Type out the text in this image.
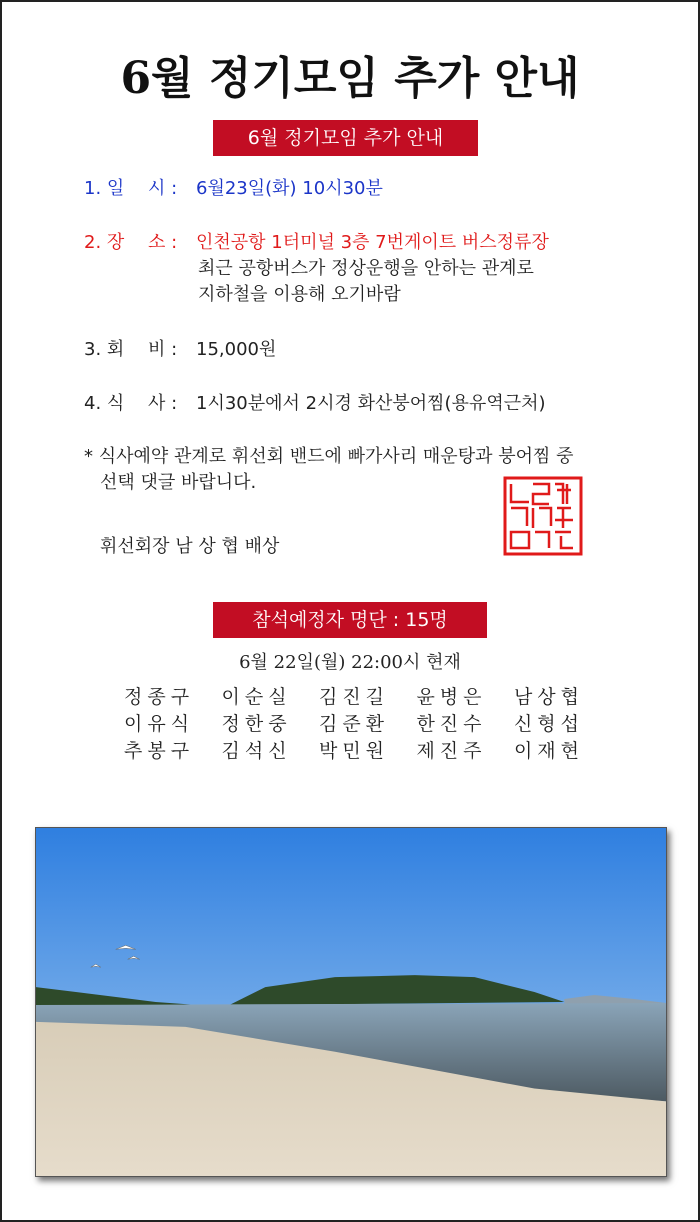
6월 정기모임 추가 안내
6월 정기모임 추가 안내
1. 일　 시 : 6월23일(화) 10시30분
2. 장　 소 : 인천공항 1터미널 3층 7번게이트 버스정류장
최근 공항버스가 정상운행을 안하는 관계로
지하철을 이용해 오기바람
3. 회　 비 : 15,000원
4. 식　 사 : 1시30분에서 2시경 화산붕어찜(용유역근처)
* 식사예약 관계로 휘선회 밴드에 빠가사리 매운탕과 붕어찜 중
선택 댓글 바랍니다.
휘선회장 남 상 협 배상
참석예정자 명단 : 15명
6월 22일(월) 22:00시 현재
정종구 이순실 김진길 윤병은 남상협
이유식 정한중 김준환 한진수 신형섭
추봉구 김석신 박민원 제진주 이재현
